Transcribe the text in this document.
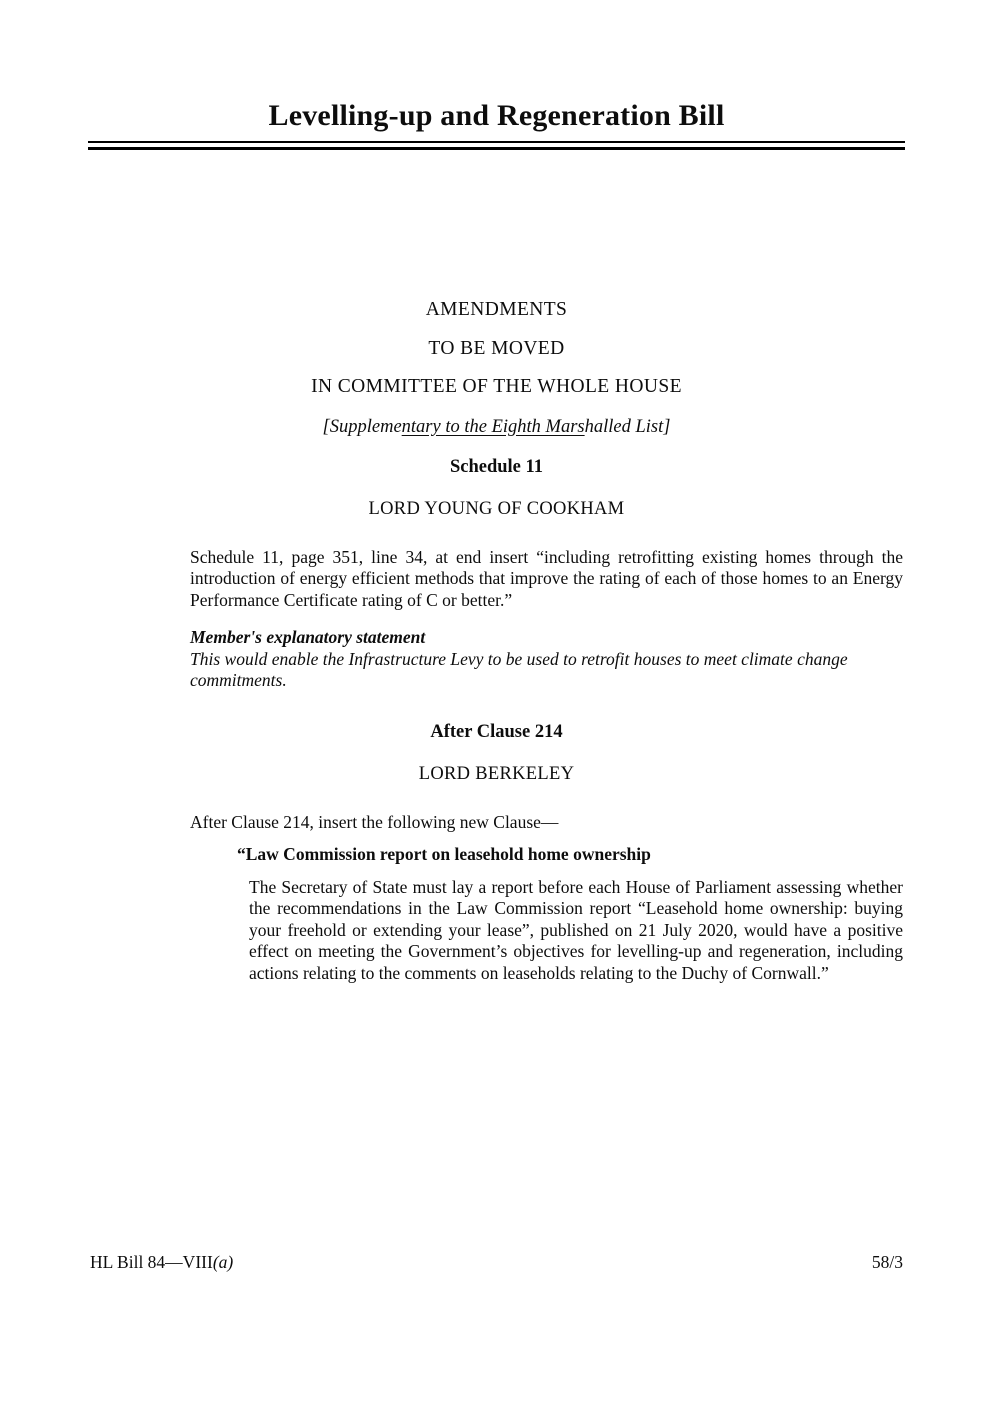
Levelling-up and Regeneration Bill

AMENDMENTS

TO BE MOVED

IN COMMITTEE OF THE WHOLE HOUSE

[Supplementary to the Eighth Marshalled List]

Schedule 11

LORD YOUNG OF COOKHAM

Schedule 11, page 351, line 34, at end insert “including retrofitting existing homes through the introduction of energy efficient methods that improve the rating of each of those homes to an Energy Performance Certificate rating of C or better.”

Member's explanatory statement

This would enable the Infrastructure Levy to be used to retrofit houses to meet climate change commitments.

After Clause 214

LORD BERKELEY

After Clause 214, insert the following new Clause—

“Law Commission report on leasehold home ownership

The Secretary of State must lay a report before each House of Parliament assessing whether the recommendations in the Law Commission report “Leasehold home ownership: buying your freehold or extending your lease”, published on 21 July 2020, would have a positive effect on meeting the Government’s objectives for levelling-up and regeneration, including actions relating to the comments on leaseholds relating to the Duchy of Cornwall.”

HL Bill 84—VIII(a)	58/3
